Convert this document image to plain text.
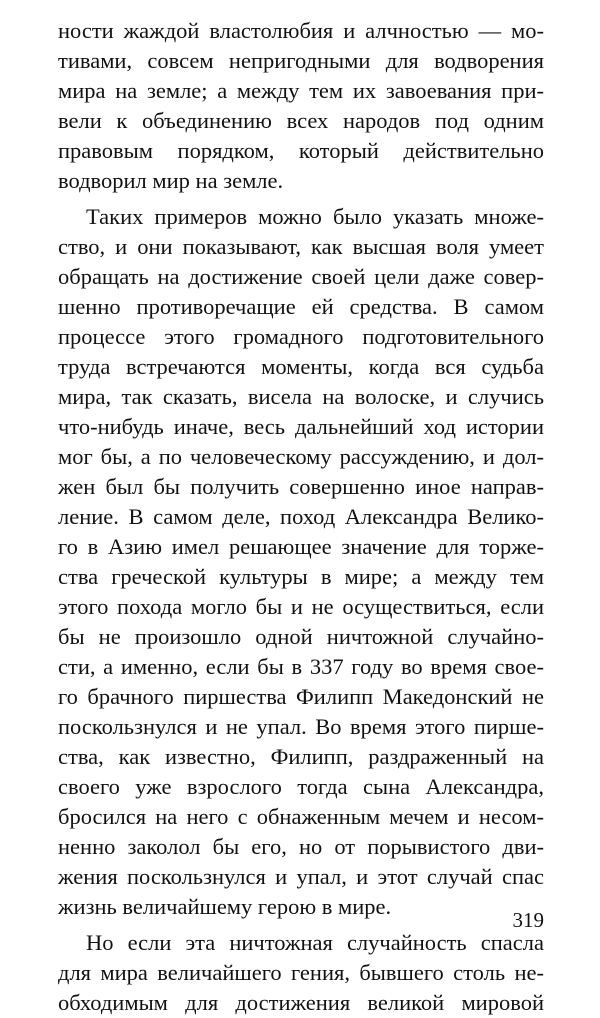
ности жаждой властолюбия и алчностью — мо-
тивами, совсем непригодными для водворения
мира на земле; а между тем их завоевания при-
вели к объединению всех народов под одним
правовым порядком, который действительно
водворил мир на земле.
Таких примеров можно было указать множе-
ство, и они показывают, как высшая воля умеет
обращать на достижение своей цели даже совер-
шенно противоречащие ей средства. В самом
процессе этого громадного подготовительного
труда встречаются моменты, когда вся судьба
мира, так сказать, висела на волоске, и случись
что-нибудь иначе, весь дальнейший ход истории
мог бы, а по человеческому рассуждению, и дол-
жен был бы получить совершенно иное направ-
ление. В самом деле, поход Александра Велико-
го в Азию имел решающее значение для торже-
ства греческой культуры в мире; а между тем
этого похода могло бы и не осуществиться, если
бы не произошло одной ничтожной случайно-
сти, а именно, если бы в 337 году во время свое-
го брачного пиршества Филипп Македонский не
поскользнулся и не упал. Во время этого пирше-
ства, как известно, Филипп, раздраженный на
своего уже взрослого тогда сына Александра,
бросился на него с обнаженным мечем и несом-
ненно заколол бы его, но от порывистого дви-
жения поскользнулся и упал, и этот случай спас
жизнь величайшему герою в мире.
Но если эта ничтожная случайность спасла
для мира величайшего гения, бывшего столь не-
обходимым для достижения великой мировой
319
